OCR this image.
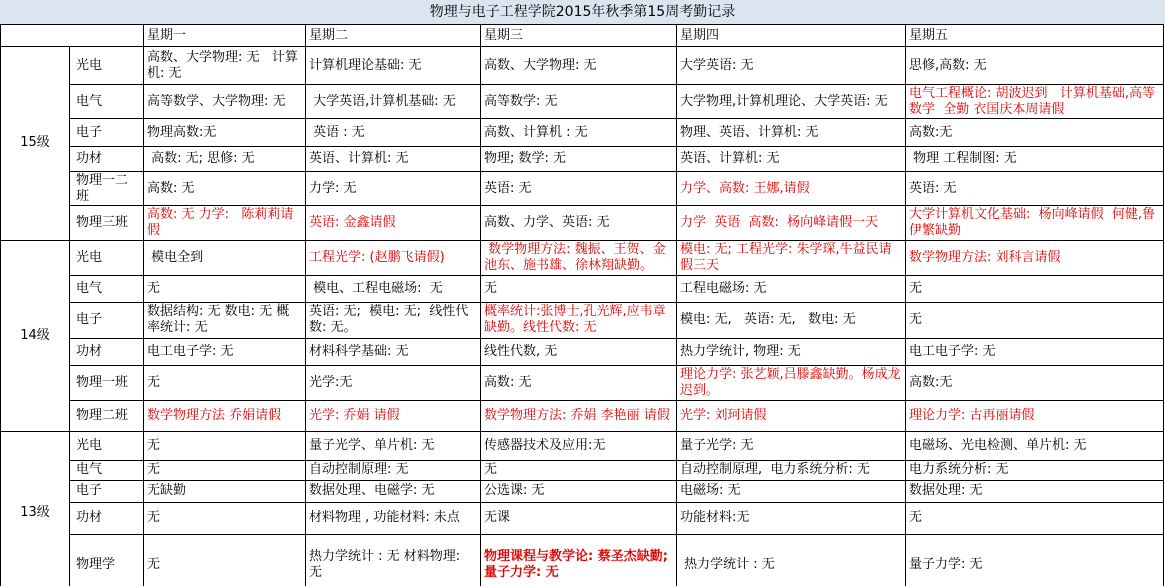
物理与电子工程学院2015年秋季第15周考勤记录
		星期一	星期二	星期三	星期四	星期五
15级	光电	高数、大学物理: 无   计算机: 无	计算机理论基础: 无	高数、大学物理: 无	大学英语: 无	思修,高数: 无
	电气	高等数学、大学物理: 无	大学英语,计算机基础: 无	高等数学: 无	大学物理,计算机理论、大学英语: 无	电气工程概论: 胡波迟到   计算机基础,高等数学  全勤 衣国庆本周请假
	电子	物理高数:无	英语 : 无	高数、计算机 : 无	物理、英语、计算机: 无	高数:无
	功材	高数: 无; 思修: 无	英语、计算机: 无	物理; 数学: 无	英语、计算机: 无	物理 工程制图: 无
	物理一二班	高数: 无	力学: 无	英语: 无	力学、高数: 王娜,请假	英语: 无
	物理三班	高数: 无 力学:   陈莉莉请假	英语: 金鑫请假	高数、力学、英语: 无	力学  英语  高数:  杨向峰请假一天	大学计算机文化基础:  杨向峰请假  何健,鲁伊繁缺勤
14级	光电	模电全到	工程光学: (赵鹏飞请假)	数学物理方法: 魏振、王贺、金池东、施书雄、徐林翔缺勤。	模电: 无; 工程光学: 朱学琛,牛益民请假三天	数学物理方法: 刘科言请假
	电气	无	模电、工程电磁场:  无	无	工程电磁场: 无	无
	电子	数据结构: 无 数电: 无 概率统计: 无	英语: 无;  模电: 无;  线性代数: 无。	概率统计:张博士,孔光辉,应韦章缺勤。线性代数: 无	模电: 无,   英语: 无,   数电: 无	无
	功材	电工电子学: 无	材料科学基础: 无	线性代数, 无	热力学统计, 物理: 无	电工电子学: 无
	物理一班	无	光学:无	高数: 无	理论力学: 张艺颖,吕滕鑫缺勤。杨成龙迟到。	高数:无
	物理二班	数学物理方法 乔娟请假	光学: 乔娟 请假	数学物理方法: 乔娟 李艳丽 请假	光学: 刘珂请假	理论力学: 古再丽请假
13级	光电	无	量子光学、单片机: 无	传感器技术及应用:无	量子光学: 无	电磁场、光电检测、单片机: 无
	电气	无	自动控制原理: 无	无	自动控制原理,  电力系统分析: 无	电力系统分析: 无
	电子	无缺勤	数据处理、电磁学: 无	公选课: 无	电磁场: 无	数据处理: 无
	功材	无	材料物理 , 功能材料: 未点	无课	功能材料:无	无
	物理学	无	热力学统计 : 无 材料物理: 无	物理课程与教学论: 蔡圣杰缺勤; 量子力学: 无	热力学统计 : 无	量子力学: 无
